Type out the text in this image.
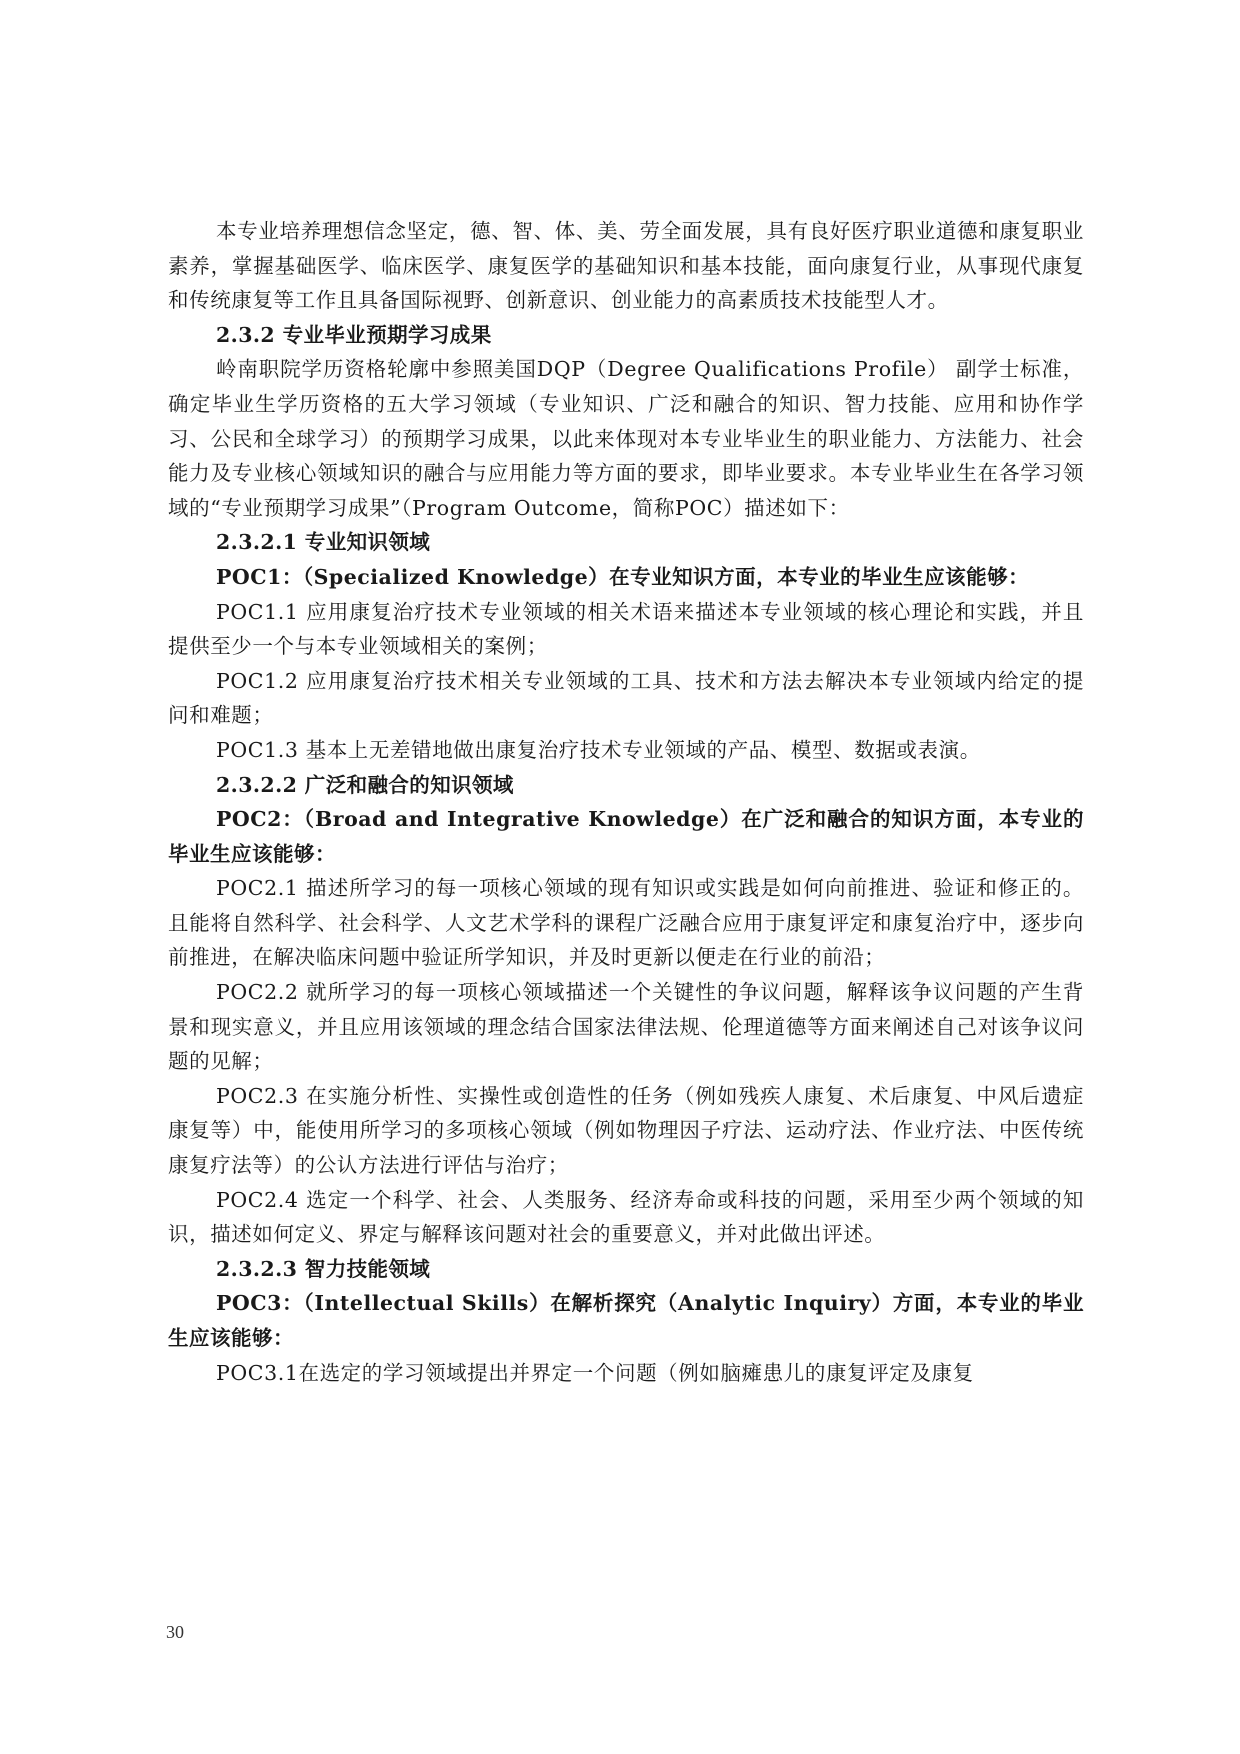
本专业培养理想信念坚定，德、智、体、美、劳全面发展，具有良好医疗职业道德和康复职业素养，掌握基础医学、临床医学、康复医学的基础知识和基本技能，面向康复行业，从事现代康复和传统康复等工作且具备国际视野、创新意识、创业能力的高素质技术技能型人才。

2.3.2 专业毕业预期学习成果

岭南职院学历资格轮廓中参照美国DQP（Degree Qualifications Profile） 副学士标准，确定毕业生学历资格的五大学习领域（专业知识、广泛和融合的知识、智力技能、应用和协作学习、公民和全球学习）的预期学习成果，以此来体现对本专业毕业生的职业能力、方法能力、社会能力及专业核心领域知识的融合与应用能力等方面的要求，即毕业要求。本专业毕业生在各学习领域的“专业预期学习成果”（Program Outcome，简称POC）描述如下：

2.3.2.1 专业知识领域

POC1：（Specialized Knowledge）在专业知识方面，本专业的毕业生应该能够：

POC1.1 应用康复治疗技术专业领域的相关术语来描述本专业领域的核心理论和实践，并且提供至少一个与本专业领域相关的案例；

POC1.2 应用康复治疗技术相关专业领域的工具、技术和方法去解决本专业领域内给定的提问和难题；

POC1.3 基本上无差错地做出康复治疗技术专业领域的产品、模型、数据或表演。

2.3.2.2 广泛和融合的知识领域

POC2：（Broad and Integrative Knowledge）在广泛和融合的知识方面，本专业的毕业生应该能够：

POC2.1 描述所学习的每一项核心领域的现有知识或实践是如何向前推进、验证和修正的。且能将自然科学、社会科学、人文艺术学科的课程广泛融合应用于康复评定和康复治疗中，逐步向前推进，在解决临床问题中验证所学知识，并及时更新以便走在行业的前沿；

POC2.2 就所学习的每一项核心领域描述一个关键性的争议问题，解释该争议问题的产生背景和现实意义，并且应用该领域的理念结合国家法律法规、伦理道德等方面来阐述自己对该争议问题的见解；

POC2.3 在实施分析性、实操性或创造性的任务（例如残疾人康复、术后康复、中风后遗症康复等）中，能使用所学习的多项核心领域（例如物理因子疗法、运动疗法、作业疗法、中医传统康复疗法等）的公认方法进行评估与治疗；

POC2.4 选定一个科学、社会、人类服务、经济寿命或科技的问题，采用至少两个领域的知识，描述如何定义、界定与解释该问题对社会的重要意义，并对此做出评述。

2.3.2.3 智力技能领域

POC3：（Intellectual Skills）在解析探究（Analytic Inquiry）方面，本专业的毕业生应该能够：

POC3.1在选定的学习领域提出并界定一个问题（例如脑瘫患儿的康复评定及康复

30
